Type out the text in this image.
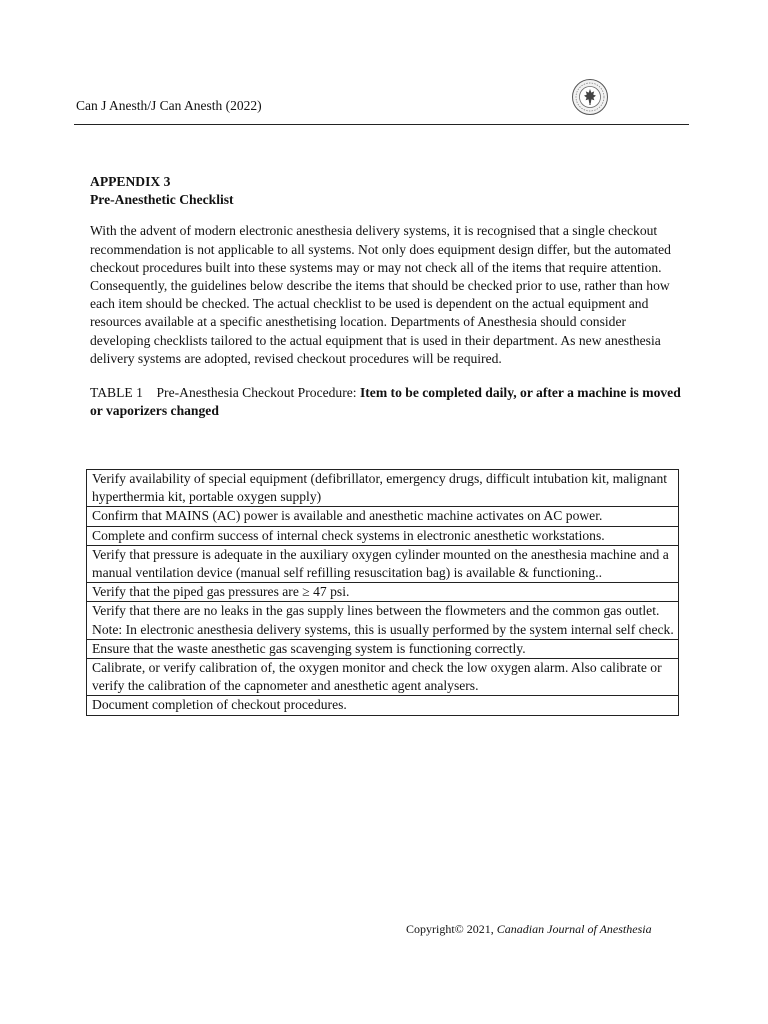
Can J Anesth/J Can Anesth (2022)
APPENDIX 3
Pre-Anesthetic Checklist

With the advent of modern electronic anesthesia delivery systems, it is recognised that a single checkout recommendation is not applicable to all systems. Not only does equipment design differ, but the automated checkout procedures built into these systems may or may not check all of the items that require attention.

Consequently, the guidelines below describe the items that should be checked prior to use, rather than how each item should be checked. The actual checklist to be used is dependent on the actual equipment and resources available at a specific anesthetising location. Departments of Anesthesia should consider developing checklists tailored to the actual equipment that is used in their department. As new anesthesia delivery systems are adopted, revised checkout procedures will be required.

TABLE 1    Pre-Anesthesia Checkout Procedure: Item to be completed daily, or after a machine is moved or vaporizers changed
Verify availability of special equipment (defibrillator, emergency drugs, difficult intubation kit, malignant hyperthermia kit, portable oxygen supply)
Confirm that MAINS (AC) power is available and anesthetic machine activates on AC power.
Complete and confirm success of internal check systems in electronic anesthetic workstations.
Verify that pressure is adequate in the auxiliary oxygen cylinder mounted on the anesthesia machine and a manual ventilation device (manual self refilling resuscitation bag) is available & functioning..
Verify that the piped gas pressures are ≥ 47 psi.

Verify that there are no leaks in the gas supply lines between the flowmeters and the common gas outlet.
Note: In electronic anesthesia delivery systems, this is usually performed by the system internal self check.

Ensure that the waste anesthetic gas scavenging system is functioning correctly.
Calibrate, or verify calibration of, the oxygen monitor and check the low oxygen alarm. Also calibrate or verify the calibration of the capnometer and anesthetic agent analysers.
Document completion of checkout procedures.
Copyright© 2021, Canadian Journal of Anesthesia
